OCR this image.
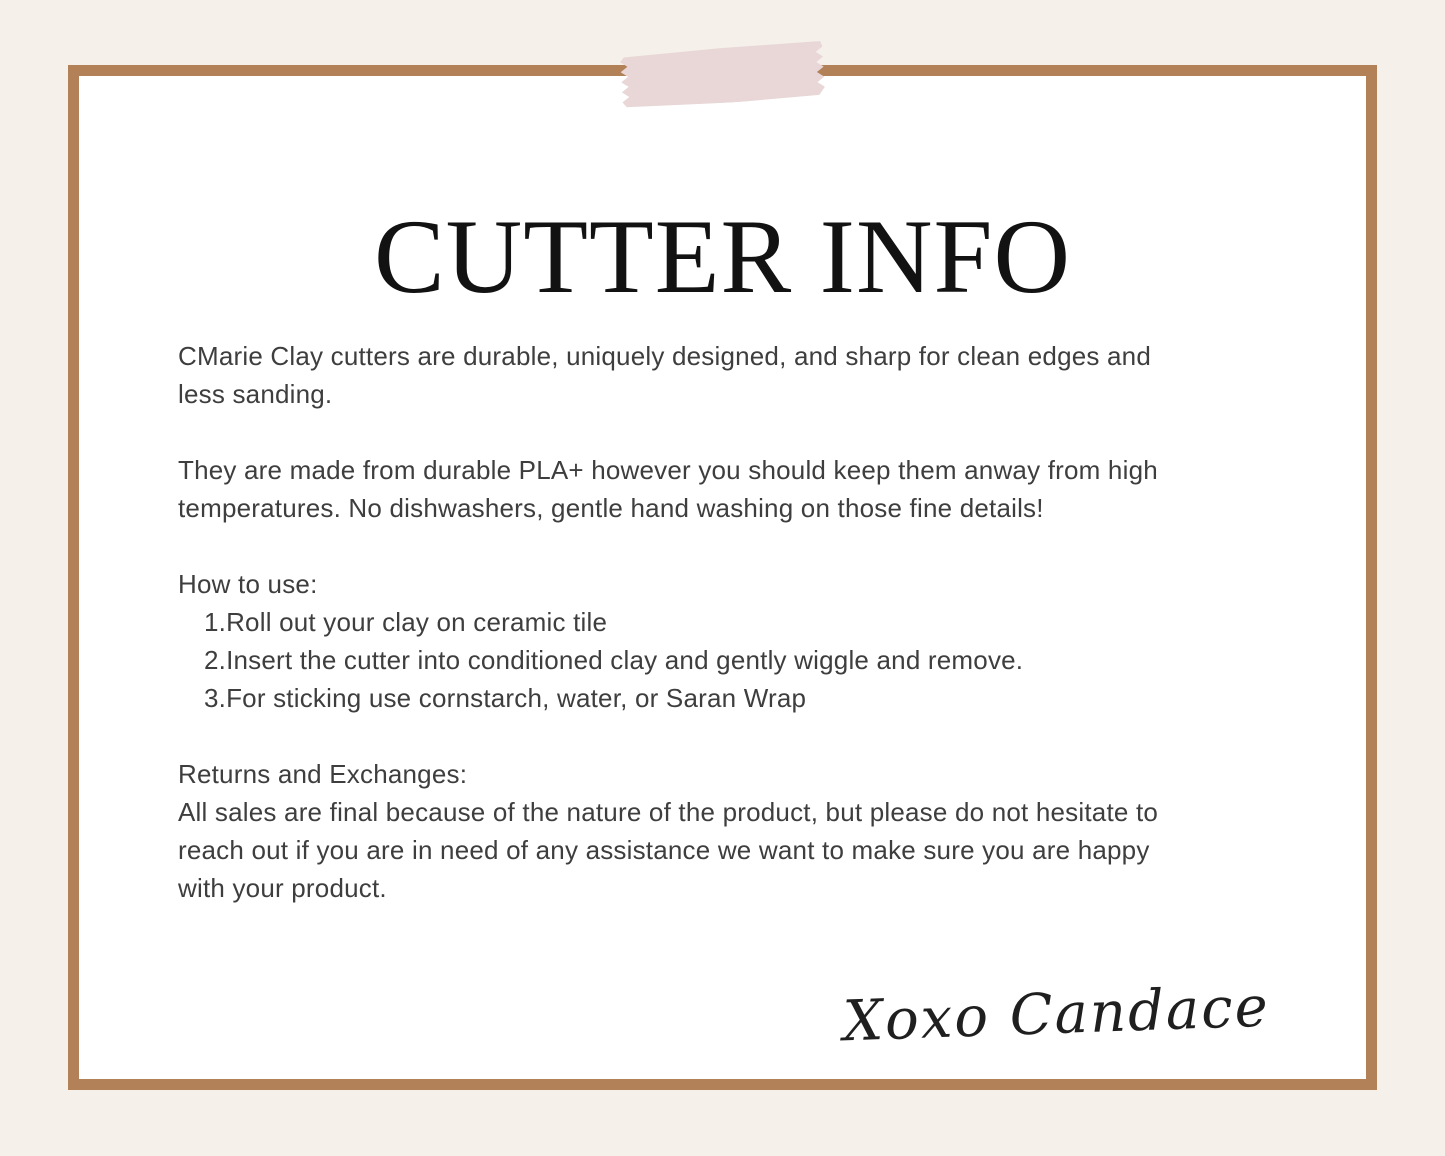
CUTTER INFO
CMarie Clay cutters are durable, uniquely designed, and sharp for clean edges and
less sanding.
They are made from durable PLA+ however you should keep them anway from high
temperatures. No dishwashers, gentle hand washing on those fine details!
How to use:
1.Roll out your clay on ceramic tile
2.Insert the cutter into conditioned clay and gently wiggle and remove.
3.For sticking use cornstarch, water, or Saran Wrap
Returns and Exchanges:
All sales are final because of the nature of the product, but please do not hesitate to
reach out if you are in need of any assistance we want to make sure you are happy
with your product.
Xoxo Candace
